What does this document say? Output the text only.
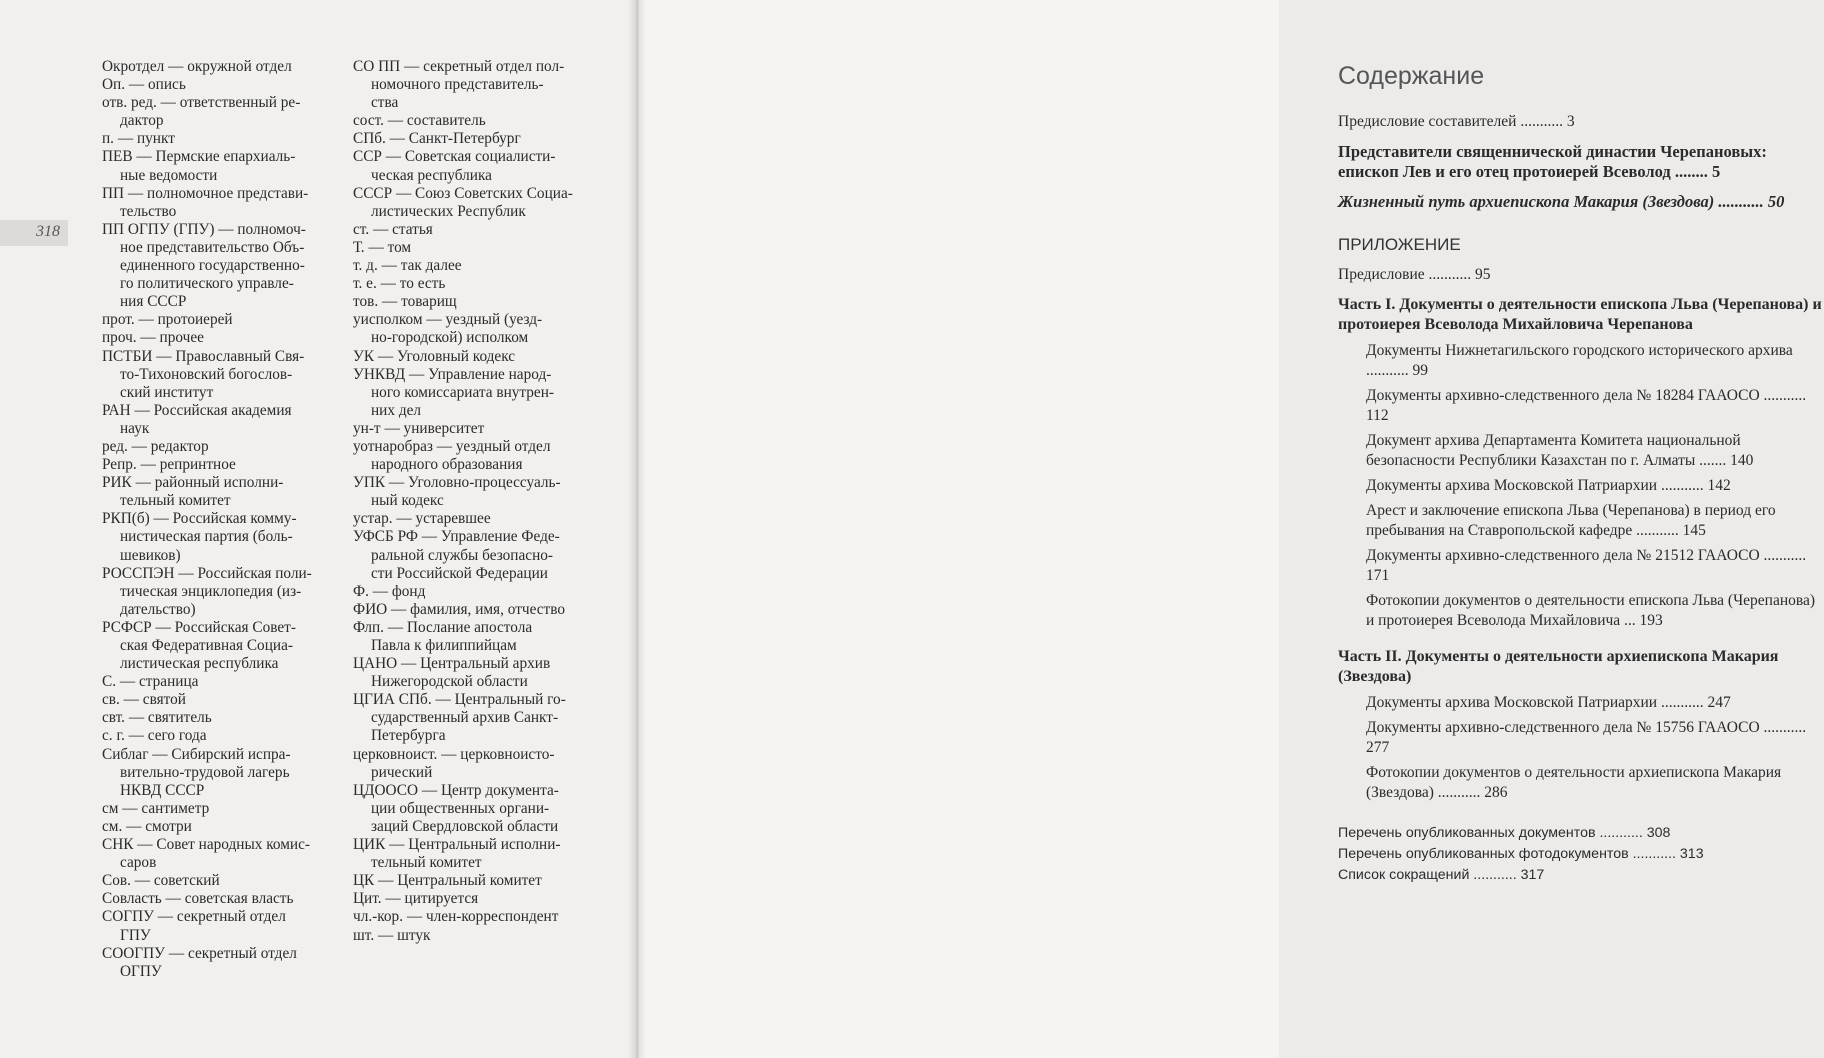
318
Окротдел — окружной отдел
Оп. — опись
отв. ред. — ответственный ре-
дактор
п. — пункт
ПЕВ — Пермские епархиаль-
ные ведомости
ПП — полномочное представи-
тельство
ПП ОГПУ (ГПУ) — полномоч-
ное представительство Объ-
единенного государственно-
го политического управле-
ния СССР
прот. — протоиерей
проч. — прочее
ПСТБИ — Православный Свя-
то-Тихоновский богослов-
ский институт
РАН — Российская академия
наук
ред. — редактор
Репр. — репринтное
РИК — районный исполни-
тельный комитет
РКП(б) — Российская комму-
нистическая партия (боль-
шевиков)
РОССПЭН — Российская поли-
тическая энциклопедия (из-
дательство)
РСФСР — Российская Совет-
ская Федеративная Социа-
листическая республика
С. — страница
св. — святой
свт. — святитель
с. г. — сего года
Сиблаг — Сибирский испра-
вительно-трудовой лагерь
НКВД СССР
см — сантиметр
см. — смотри
СНК — Совет народных комис-
саров
Сов. — советский
Совласть — советская власть
СОГПУ — секретный отдел
ГПУ
СООГПУ — секретный отдел
ОГПУ
СО ПП — секретный отдел пол-
номочного представитель-
ства
сост. — составитель
СПб. — Санкт-Петербург
ССР — Советская социалисти-
ческая республика
СССР — Союз Советских Социа-
листических Республик
ст. — статья
Т. — том
т. д. — так далее
т. е. — то есть
тов. — товарищ
уисполком — уездный (уезд-
но-городской) исполком
УК — Уголовный кодекс
УНКВД — Управление народ-
ного комиссариата внутрен-
них дел
ун-т — университет
уотнаробраз — уездный отдел
народного образования
УПК — Уголовно-процессуаль-
ный кодекс
устар. — устаревшее
УФСБ РФ — Управление Феде-
ральной службы безопасно-
сти Российской Федерации
Ф. — фонд
ФИО — фамилия, имя, отчество
Флп. — Послание апостола
Павла к филиппийцам
ЦАНО — Центральный архив
Нижегородской области
ЦГИА СПб. — Центральный го-
сударственный архив Санкт-
Петербурга
церковноист. — церковноисто-
рический
ЦДООСО — Центр документа-
ции общественных органи-
заций Свердловской области
ЦИК — Центральный исполни-
тельный комитет
ЦК — Центральный комитет
Цит. — цитируется
чл.-кор. — член-корреспондент
шт. — штук
Содержание
Предисловие составителей ........... 3
Представители священнической династии Черепановых: епископ Лев и его отец протоиерей Всеволод ........ 5
Жизненный путь архиепископа Макария (Звездова) ........... 50
ПРИЛОЖЕНИЕ
Предисловие ........... 95
Часть I. Документы о деятельности епископа Льва (Черепанова) и протоиерея Всеволода Михайловича Черепанова
Документы Нижнетагильского городского исторического архива ........... 99
Документы архивно-следственного дела № 18284 ГААОСО ........... 112
Документ архива Департамента Комитета национальной безопасности Республики Казахстан по г. Алматы ....... 140
Документы архива Московской Патриархии ........... 142
Арест и заключение епископа Льва (Черепанова) в период его пребывания на Ставропольской кафедре ........... 145
Документы архивно-следственного дела № 21512 ГААОСО ........... 171
Фотокопии документов о деятельности епископа Льва (Черепанова) и протоиерея Всеволода Михайловича ... 193
Часть II. Документы о деятельности архиепископа Макария (Звездова)
Документы архива Московской Патриархии ........... 247
Документы архивно-следственного дела № 15756 ГААОСО ........... 277
Фотокопии документов о деятельности архиепископа Макария (Звездова) ........... 286
Перечень опубликованных документов ........... 308
Перечень опубликованных фотодокументов ........... 313
Список сокращений ........... 317
